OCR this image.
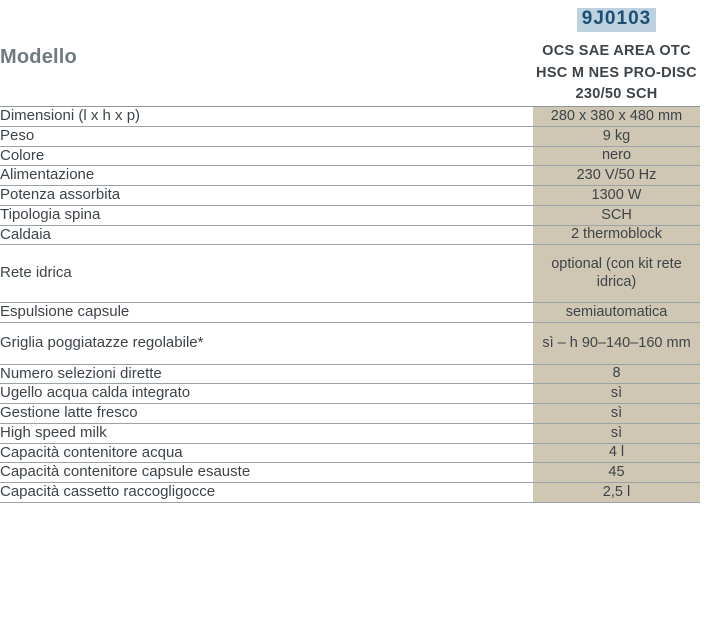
Modello	9J0103
OCS SAE AREA OTC HSC M NES PRO-DISC 230/50 SCH

Dimensioni (l x h x p)	280 x 380 x 480 mm
Peso	9 kg
Colore	nero
Alimentazione	230 V/50 Hz
Potenza assorbita	1300 W
Tipologia spina	SCH
Caldaia	2 thermoblock
Rete idrica	optional (con kit rete idrica)
Espulsione capsule	semiautomatica
Griglia poggiatazze regolabile*	sì – h 90–140–160 mm
Numero selezioni dirette	8
Ugello acqua calda integrato	sì
Gestione latte fresco	sì
High speed milk	sì
Capacità contenitore acqua	4 l
Capacità contenitore capsule esauste	45
Capacità cassetto raccogligocce	2,5 l
